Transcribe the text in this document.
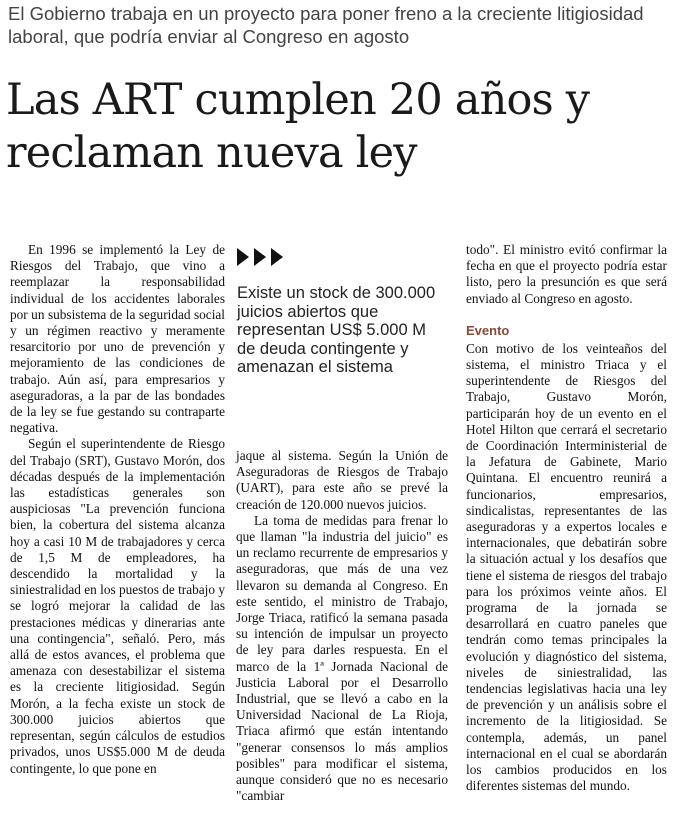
El Gobierno trabaja en un proyecto para poner freno a la creciente litigiosidad laboral, que podría enviar al Congreso en agosto
Las ART cumplen 20 años y reclaman nueva ley

En 1996 se implementó la Ley de Riesgos del Trabajo, que vino a reemplazar la responsabilidad individual de los accidentes laborales por un subsistema de la seguridad social y un régimen reactivo y meramente resarcitorio por uno de prevención y mejoramiento de las condiciones de trabajo. Aún así, para empresarios y aseguradoras, a la par de las bondades de la ley se fue gestando su contraparte negativa.

Según el superintendente de Riesgo del Trabajo (SRT), Gustavo Morón, dos décadas después de la implementación las estadísticas generales son auspiciosas "La prevención funciona bien, la cobertura del sistema alcanza hoy a casi 10 M de trabajadores y cerca de 1,5 M de empleadores, ha descendido la mortalidad y la siniestralidad en los puestos de trabajo y se logró mejorar la calidad de las prestaciones médicas y dinerarias ante una contingencia", señaló. Pero, más allá de estos avances, el problema que amenaza con desestabilizar el sistema es la creciente litigiosidad. Según Morón, a la fecha existe un stock de 300.000 juicios abiertos que representan, según cálculos de estudios privados, unos US$5.000 M de deuda contingente, lo que pone en

Existe un stock de 300.000 juicios abiertos que representan US$ 5.000 M de deuda contingente y amenazan el sistema

jaque al sistema. Según la Unión de Aseguradoras de Riesgos de Trabajo (UART), para este año se prevé la creación de 120.000 nuevos juicios.

La toma de medidas para frenar lo que llaman "la industria del juicio" es un reclamo recurrente de empresarios y aseguradoras, que más de una vez llevaron su demanda al Congreso. En este sentido, el ministro de Trabajo, Jorge Triaca, ratificó la semana pasada su intención de impulsar un proyecto de ley para darles respuesta. En el marco de la 1ª Jornada Nacional de Justicia Laboral por el Desarrollo Industrial, que se llevó a cabo en la Universidad Nacional de La Rioja, Triaca afirmó que están intentando "generar consensos lo más amplios posibles" para modificar el sistema, aunque consideró que no es necesario "cambiar

todo". El ministro evitó confirmar la fecha en que el proyecto podría estar listo, pero la presunción es que será enviado al Congreso en agosto.

Evento

Con motivo de los veinteaños del sistema, el ministro Triaca y el superintendente de Riesgos del Trabajo, Gustavo Morón, participarán hoy de un evento en el Hotel Hilton que cerrará el secretario de Coordinación Interministerial de la Jefatura de Gabinete, Mario Quintana. El encuentro reunirá a funcionarios, empresarios, sindicalistas, representantes de las aseguradoras y a expertos locales e internacionales, que debatirán sobre la situación actual y los desafíos que tiene el sistema de riesgos del trabajo para los próximos veinte años. El programa de la jornada se desarrollará en cuatro paneles que tendrán como temas principales la evolución y diagnóstico del sistema, niveles de siniestralidad, las tendencias legislativas hacia una ley de prevención y un análisis sobre el incremento de la litigiosidad. Se contempla, además, un panel internacional en el cual se abordarán los cambios producidos en los diferentes sistemas del mundo.
